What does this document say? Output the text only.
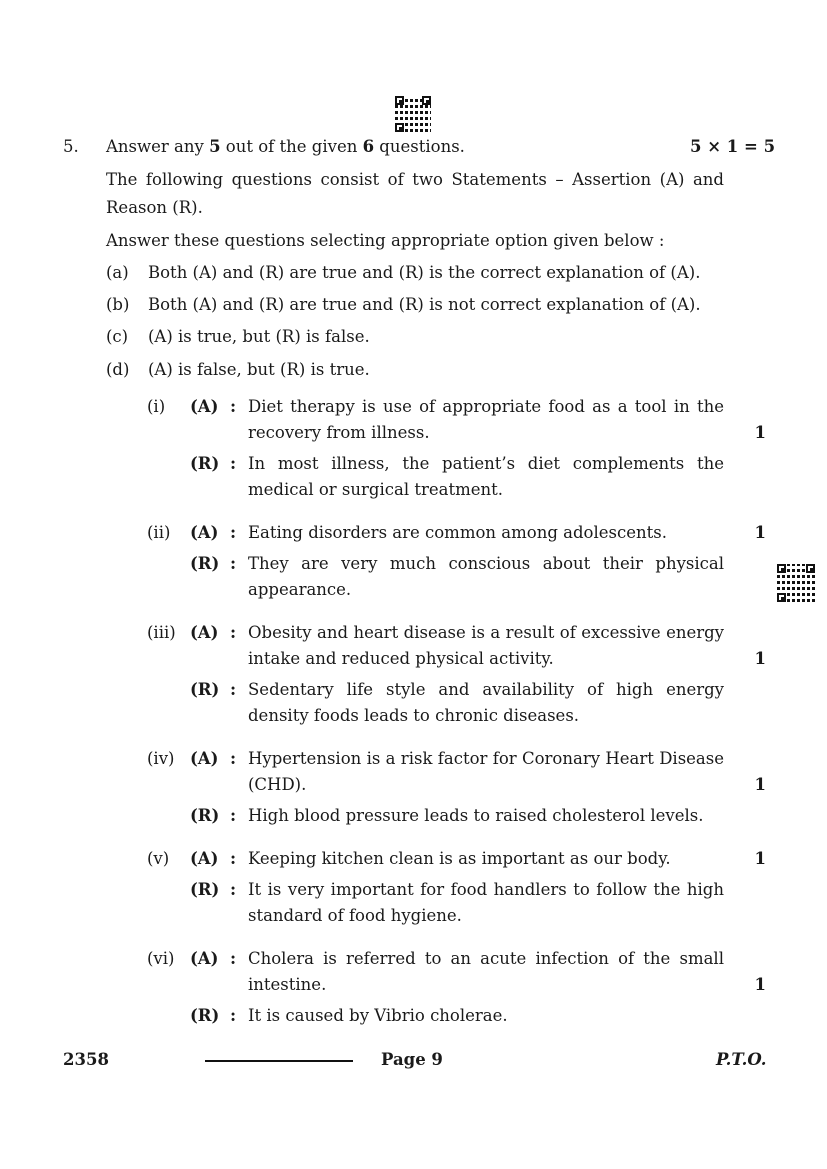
5. Answer any 5 out of the given 6 questions.	5 × 1 = 5
The following questions consist of two Statements – Assertion (A) and
Reason (R).
Answer these questions selecting appropriate option given below :
(a) Both (A) and (R) are true and (R) is the correct explanation of (A).
(b) Both (A) and (R) are true and (R) is not correct explanation of (A).
(c) (A) is true, but (R) is false.
(d) (A) is false, but (R) is true.
(i) (A) : Diet therapy is use of appropriate food as a tool in the
recovery from illness.	1
(R) : In most illness, the patient’s diet complements the
medical or surgical treatment.
(ii) (A) : Eating disorders are common among adolescents.	1
(R) : They are very much conscious about their physical
appearance.
(iii) (A) : Obesity and heart disease is a result of excessive energy
intake and reduced physical activity.	1
(R) : Sedentary life style and availability of high energy
density foods leads to chronic diseases.
(iv) (A) : Hypertension is a risk factor for Coronary Heart Disease
(CHD).	1
(R) : High blood pressure leads to raised cholesterol levels.
(v) (A) : Keeping kitchen clean is as important as our body.	1
(R) : It is very important for food handlers to follow the high
standard of food hygiene.
(vi) (A) : Cholera is referred to an acute infection of the small
intestine.	1
(R) : It is caused by Vibrio cholerae.
2358	Page 9	P.T.O.
